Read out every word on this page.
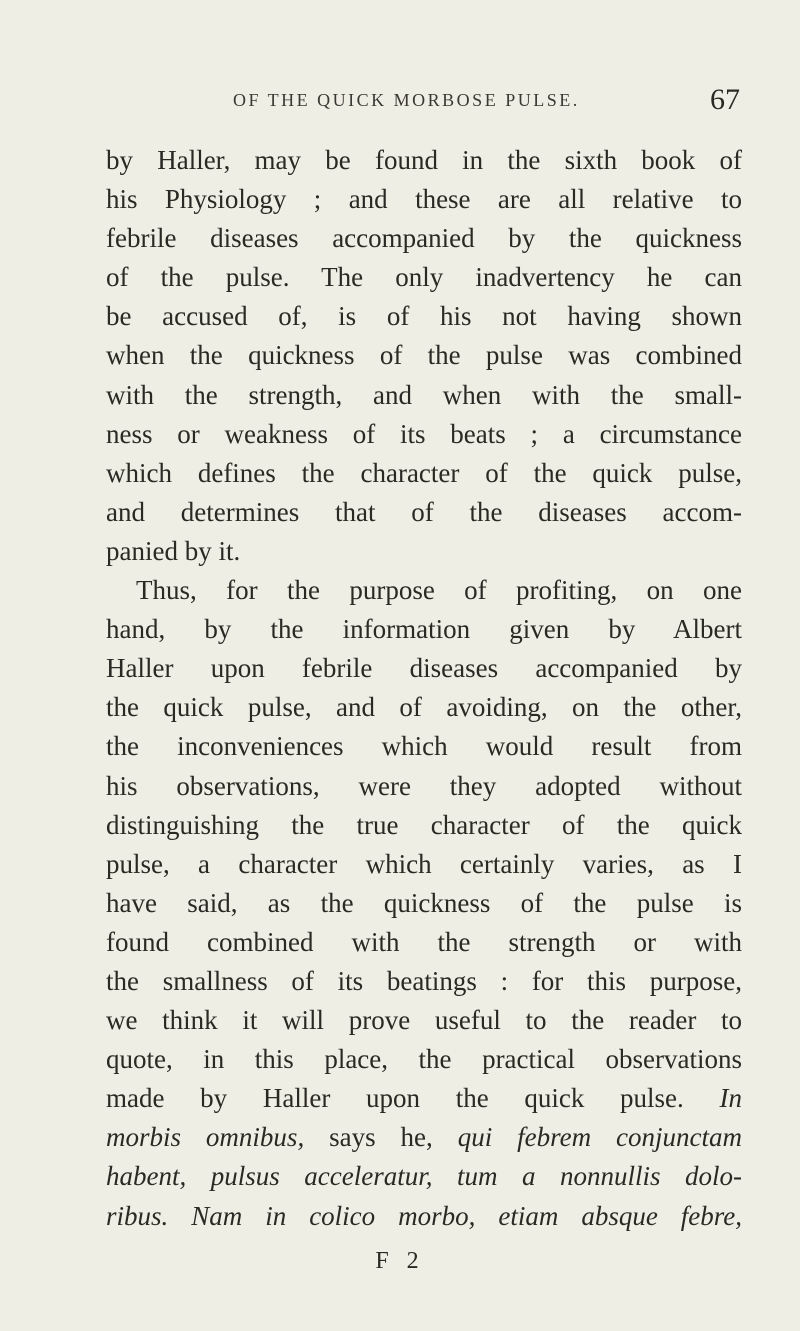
OF THE QUICK MORBOSE PULSE.	67
by Haller, may be found in the sixth book of
his Physiology ; and these are all relative to
febrile diseases accompanied by the quickness
of the pulse. The only inadvertency he can
be accused of, is of his not having shown
when the quickness of the pulse was combined
with the strength, and when with the small-
ness or weakness of its beats ; a circumstance
which defines the character of the quick pulse,
and determines that of the diseases accom-
panied by it.
Thus, for the purpose of profiting, on one
hand, by the information given by Albert
Haller upon febrile diseases accompanied by
the quick pulse, and of avoiding, on the other,
the inconveniences which would result from
his observations, were they adopted without
distinguishing the true character of the quick
pulse, a character which certainly varies, as I
have said, as the quickness of the pulse is
found combined with the strength or with
the smallness of its beatings : for this purpose,
we think it will prove useful to the reader to
quote, in this place, the practical observations
made by Haller upon the quick pulse. In
morbis omnibus, says he, qui febrem conjunctam
habent, pulsus acceleratur, tum a nonnullis dolo-
ribus. Nam in colico morbo, etiam absque febre,
F 2
